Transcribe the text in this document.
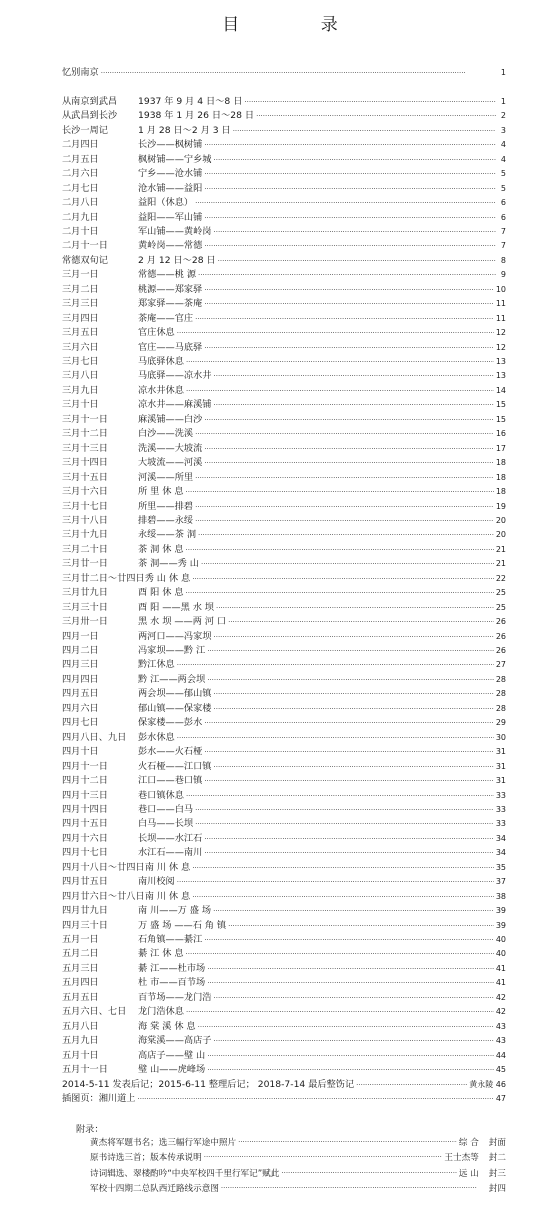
目 录
忆别南京 ·····	1
从南京到武昌	1937 年 9 月 4 日～8 日 ·····	1
从武昌到长沙	1938 年 1 月 26 日～28 日 ·····	2
长沙一周记	1 月 28 日～2 月 3 日 ·····	3
二月四日	长沙——枫树铺 ·····	4
二月五日	枫树铺——宁乡城 ·····	4
二月六日	宁乡——沧水铺 ·····	5
二月七日	沧水铺——益阳 ·····	5
二月八日	益阳（休息） ·····	6
二月九日	益阳——军山铺 ·····	6
二月十日	军山铺——黄岭岗 ·····	7
二月十一日	黄岭岗——常德 ·····	7
常德双旬记	2 月 12 日～28 日 ·····	8
三月一日	常德——桃 源 ·····	9
三月二日	桃源——郑家驿 ·····	10
三月三日	郑家驿——茶庵 ·····	11
三月四日	茶庵——官庄 ·····	11
三月五日	官庄休息 ·····	12
三月六日	官庄——马底驿 ·····	12
三月七日	马底驿休息 ·····	13
三月八日	马底驿——凉水井 ·····	13
三月九日	凉水井休息 ·····	14
三月十日	凉水井——麻溪铺 ·····	15
三月十一日	麻溪铺——白沙 ·····	15
三月十二日	白沙——洗溪 ·····	16
三月十三日	洗溪——大坡流 ·····	17
三月十四日	大坡流——河溪 ·····	18
三月十五日	河溪——所里 ·····	18
三月十六日	所 里 休 息 ·····	18
三月十七日	所里——排碧 ·····	19
三月十八日	排碧——永绥 ·····	20
三月十九日	永绥——茶 洞 ·····	20
三月二十日	茶 洞 休 息 ·····	21
三月廿一日	茶 洞——秀 山 ·····	21
三月廿二日～廿四日 秀 山 休 息 ·····	22
三月廿九日	酉 阳 休 息 ·····	25
三月三十日	酉 阳 ——黑 水 坝 ·····	25
三月卅一日	黑 水 坝 ——两 河 口 ·····	26
四月一日	两河口——冯家坝 ·····	26
四月二日	冯家坝——黔 江 ·····	26
四月三日	黔江休息 ·····	27
四月四日	黔 江——两会坝 ·····	28
四月五日	两会坝——郁山镇 ·····	28
四月六日	郁山镇——保家楼 ·····	28
四月七日	保家楼——彭水 ·····	29
四月八日、九日	彭水休息 ·····	30
四月十日	彭水——火石桠 ·····	31
四月十一日	火石桠——江口镇 ·····	31
四月十二日	江口——巷口镇 ·····	31
四月十三日	巷口镇休息 ·····	33
四月十四日	巷口——白马 ·····	33
四月十五日	白马——长坝 ·····	33
四月十六日	长坝——水江石 ·····	34
四月十七日	水江石——南川 ·····	34
四月十八日～廿四日 南 川 休 息 ·····	35
四月廿五日	南川校阅 ·····	37
四月廿六日～廿八日 南 川 休 息 ·····	38
四月廿九日	南 川——万 盛 场 ·····	39
四月三十日	万 盛 场 ——石 角 镇 ·····	39
五月一日	石角镇——綦江 ·····	40
五月二日	綦 江 休 息 ·····	40
五月三日	綦 江——杜市场 ·····	41
五月四日	杜 市——百节场 ·····	41
五月五日	百节场——龙门浩 ·····	42
五月六日、七日	龙门浩休息 ·····	42
五月八日	海 棠 溪 休 息 ·····	43
五月九日	海棠溪——高店子 ·····	43
五月十日	高店子——璧 山 ·····	44
五月十一日	璧 山——虎峰场 ·····	45
2014-5-11 发表后记；2015-6-11 整理后记； 2018-7-14 最后整饬记 ·····	黄永陵 46
插图页：湘川道上 ·····	47
附录：
黄杰将军题书名；选三幅行军途中照片 ·····	综 合 封面
原书诗选三首；版本传承说明 ·····	王士杰等 封二
诗词辑选、翠楼酌吟“中央军校四千里行军记”赋此 ·····	远 山 封三
军校十四期二总队西迁路线示意图 ·····	封四
